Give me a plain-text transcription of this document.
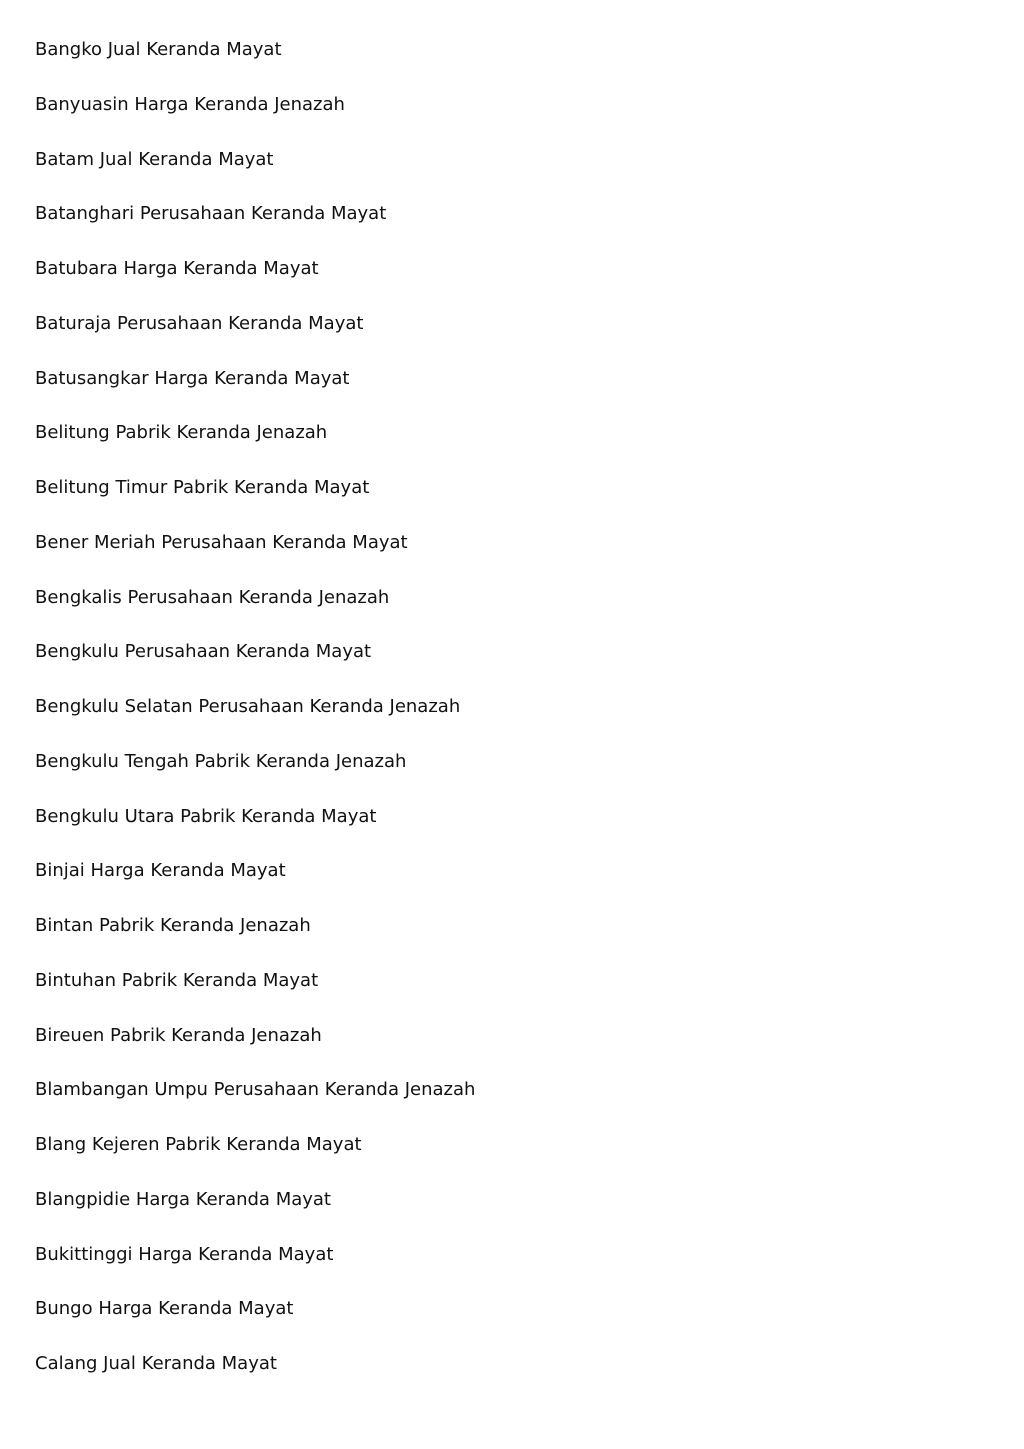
Bangko Jual Keranda Mayat
Banyuasin Harga Keranda Jenazah
Batam Jual Keranda Mayat
Batanghari Perusahaan Keranda Mayat
Batubara Harga Keranda Mayat
Baturaja Perusahaan Keranda Mayat
Batusangkar Harga Keranda Mayat
Belitung Pabrik Keranda Jenazah
Belitung Timur Pabrik Keranda Mayat
Bener Meriah Perusahaan Keranda Mayat
Bengkalis Perusahaan Keranda Jenazah
Bengkulu Perusahaan Keranda Mayat
Bengkulu Selatan Perusahaan Keranda Jenazah
Bengkulu Tengah Pabrik Keranda Jenazah
Bengkulu Utara Pabrik Keranda Mayat
Binjai Harga Keranda Mayat
Bintan Pabrik Keranda Jenazah
Bintuhan Pabrik Keranda Mayat
Bireuen Pabrik Keranda Jenazah
Blambangan Umpu Perusahaan Keranda Jenazah
Blang Kejeren Pabrik Keranda Mayat
Blangpidie Harga Keranda Mayat
Bukittinggi Harga Keranda Mayat
Bungo Harga Keranda Mayat
Calang Jual Keranda Mayat
